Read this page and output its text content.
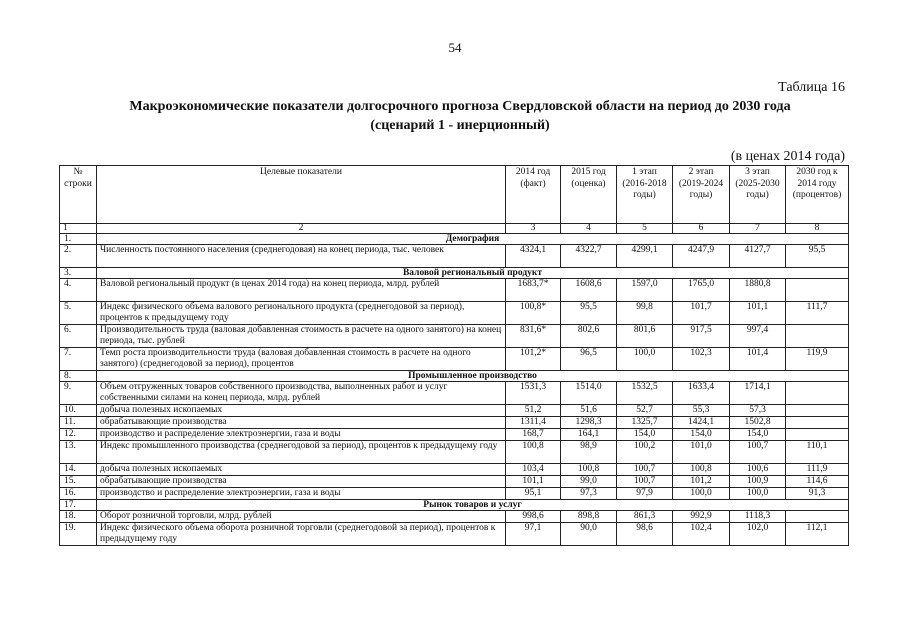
54
Таблица 16
Макроэкономические показатели долгосрочного прогноза Свердловской области на период до 2030 года
(сценарий 1 - инерционный)
(в ценах 2014 года)
№ строки	Целевые показатели	2014 год (факт)	2015 год (оценка)	1 этап (2016-2018 годы)	2 этап (2019-2024 годы)	3 этап (2025-2030 годы)	2030 год к 2014 году (процентов)
1	2	3	4	5	6	7	8
1.	Демография						
2.	Численность постоянного населения (среднегодовая) на конец периода, тыс. человек	4324,1	4322,7	4299,1	4247,9	4127,7	95,5
3.	Валовой региональный продукт						
4.	Валовой региональный продукт (в ценах 2014 года) на конец периода, млрд. рублей	1683,7*	1608,6	1597,0	1765,0	1880,8	
5.	Индекс физического объема валового регионального продукта (среднегодовой за период), процентов к предыдущему году	100,8*	95,5	99,8	101,7	101,1	111,7
6.	Производительность труда (валовая добавленная стоимость в расчете на одного занятого) на конец периода, тыс. рублей	831,6*	802,6	801,6	917,5	997,4	
7.	Темп роста производительности труда (валовая добавленная стоимость в расчете на одного занятого) (среднегодовой за период), процентов	101,2*	96,5	100,0	102,3	101,4	119,9
8.	Промышленное производство						
9.	Объем отгруженных товаров собственного производства, выполненных работ и услуг собственными силами на конец периода, млрд. рублей	1531,3	1514,0	1532,5	1633,4	1714,1	
10.	добыча полезных ископаемых	51,2	51,6	52,7	55,3	57,3	
11.	обрабатывающие производства	1311,4	1298,3	1325,7	1424,1	1502,8	
12.	производство и распределение электроэнергии, газа и воды	168,7	164,1	154,0	154,0	154,0	
13.	Индекс промышленного производства (среднегодовой за период), процентов к предыдущему году	100,8	98,9	100,2	101,0	100,7	110,1
14.	добыча полезных ископаемых	103,4	100,8	100,7	100,8	100,6	111,9
15.	обрабатывающие производства	101,1	99,0	100,7	101,2	100,9	114,6
16.	производство и распределение электроэнергии, газа и воды	95,1	97,3	97,9	100,0	100,0	91,3
17.	Рынок товаров и услуг						
18.	Оборот розничной торговли, млрд. рублей	998,6	898,8	861,3	992,9	1118,3	
19.	Индекс физического объема оборота розничной торговли (среднегодовой за период), процентов к предыдущему году	97,1	90,0	98,6	102,4	102,0	112,1
